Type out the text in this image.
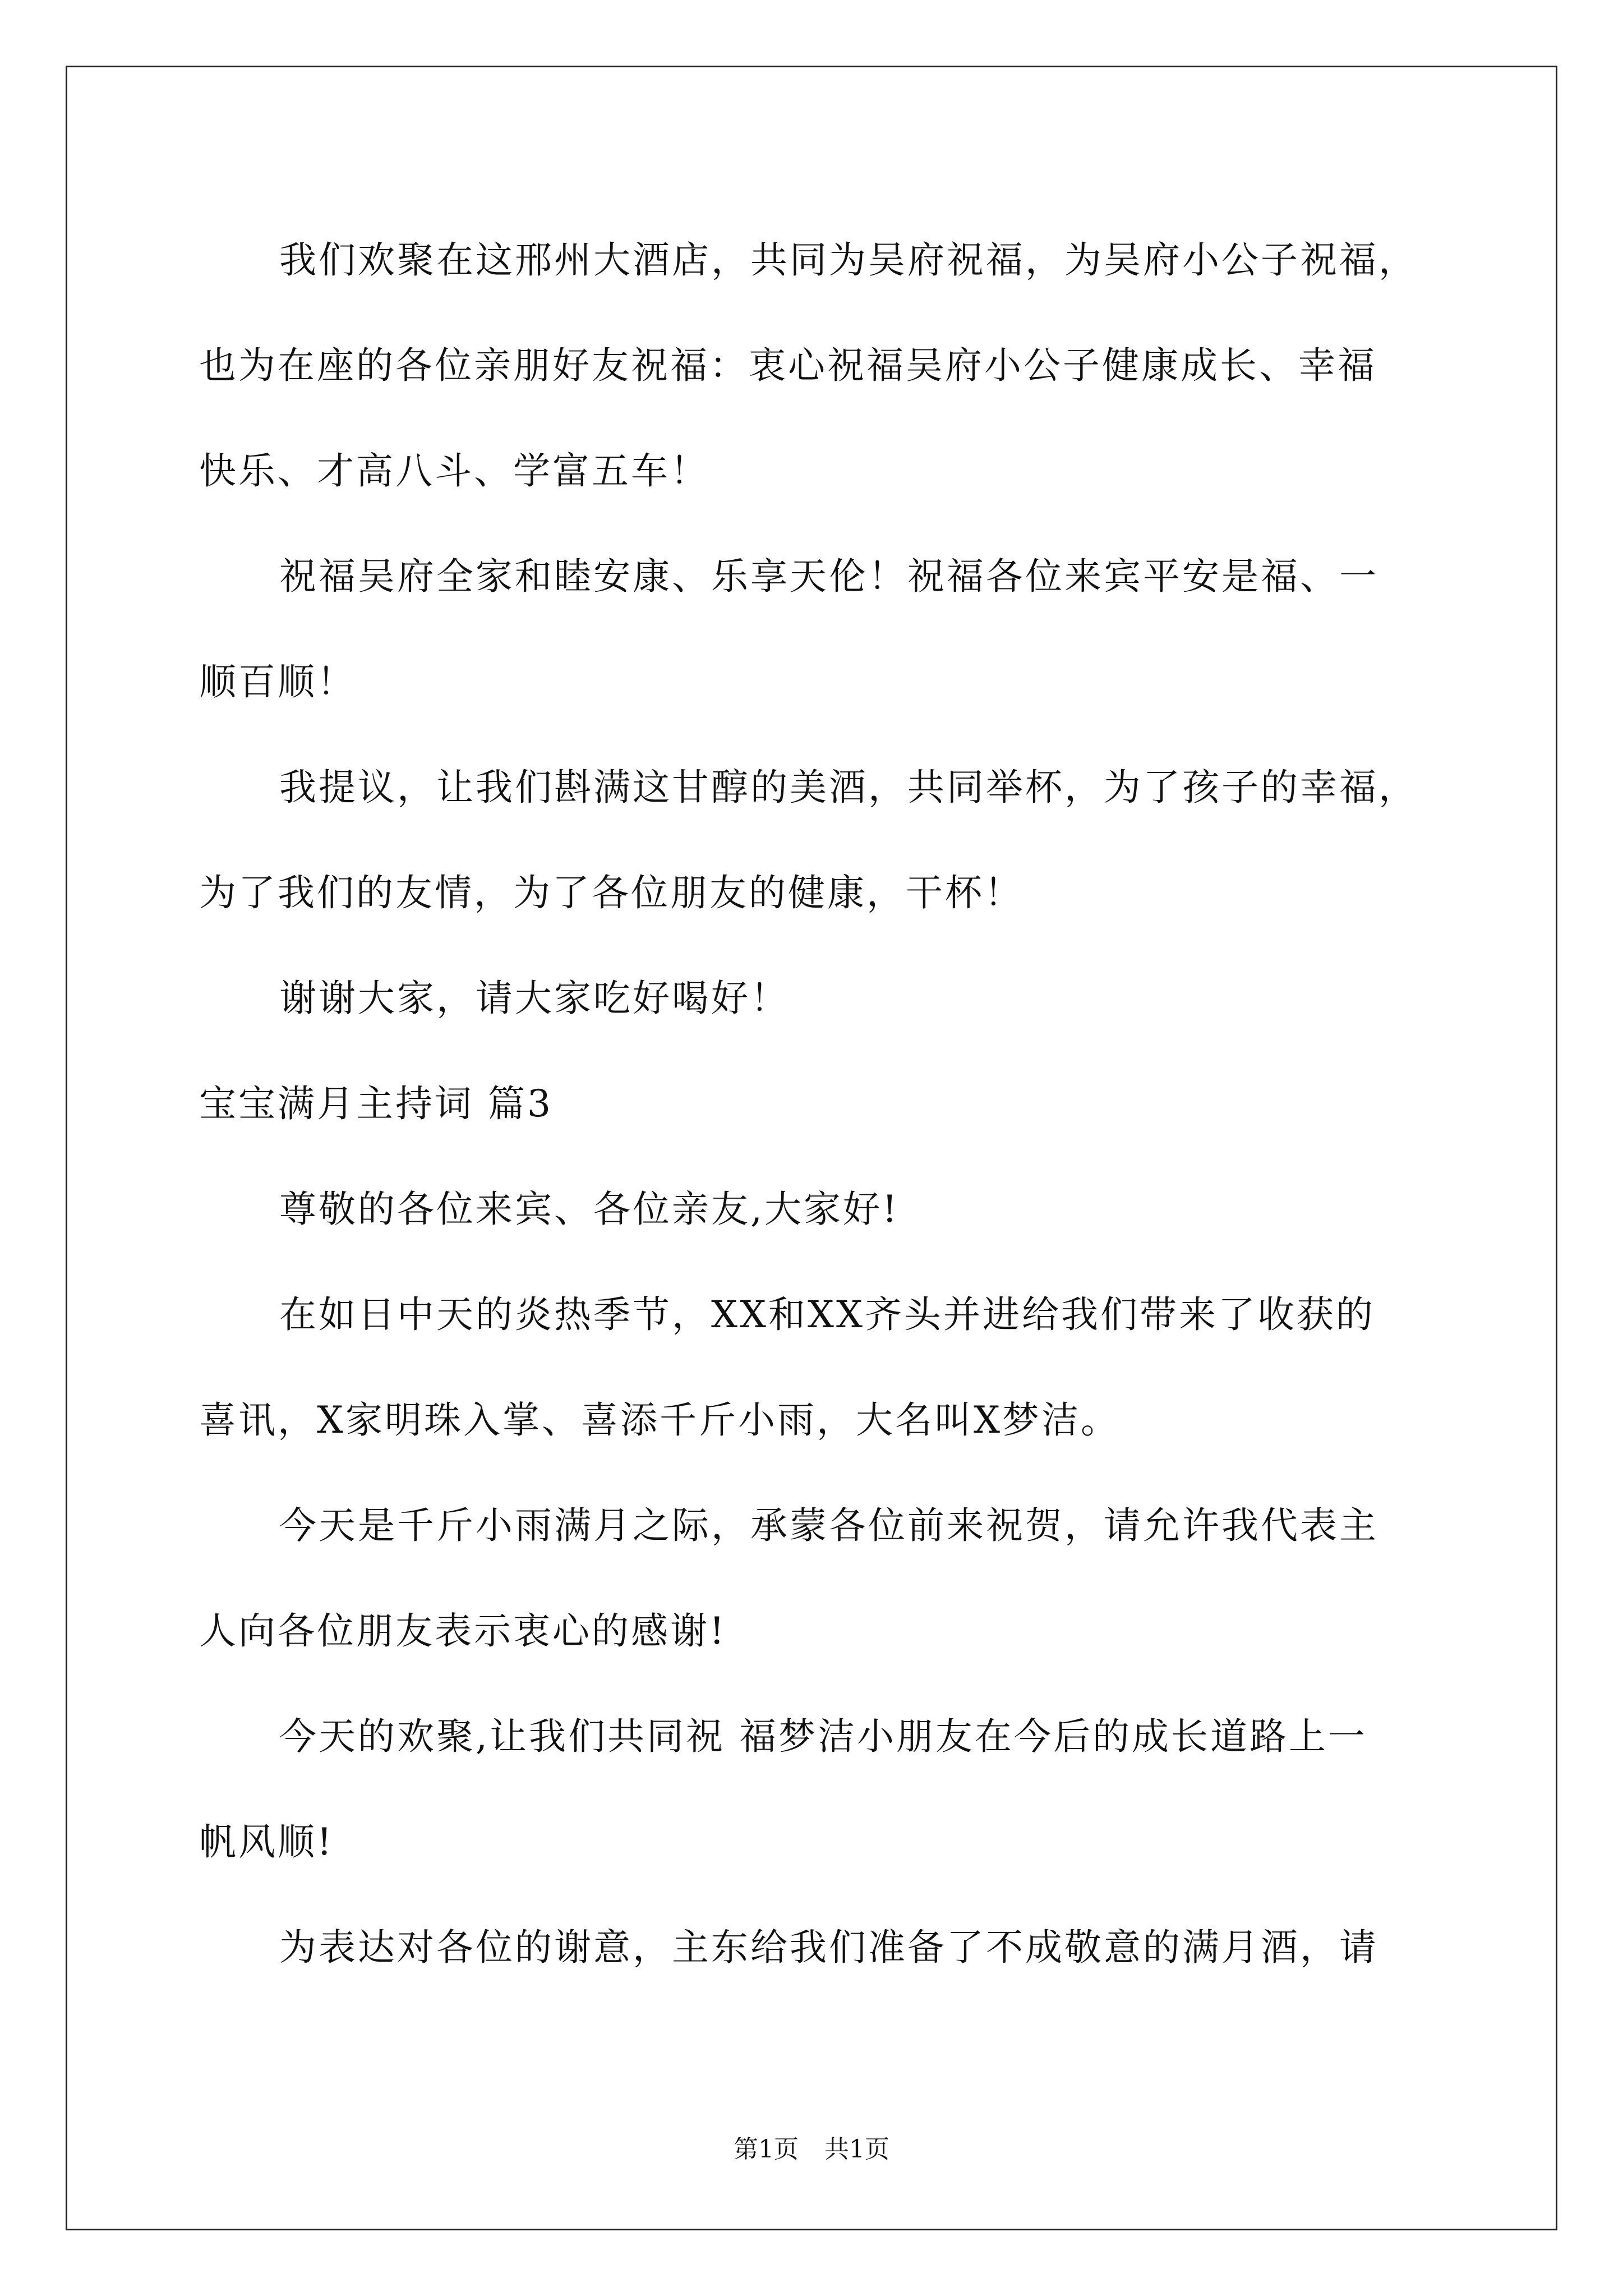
我们欢聚在这邢州大酒店，共同为吴府祝福，为吴府小公子祝福，
也为在座的各位亲朋好友祝福：衷心祝福吴府小公子健康成长、幸福
快乐、才高八斗、学富五车！
祝福吴府全家和睦安康、乐享天伦！祝福各位来宾平安是福、一
顺百顺！
我提议，让我们斟满这甘醇的美酒，共同举杯，为了孩子的幸福，
为了我们的友情，为了各位朋友的健康，干杯！
谢谢大家，请大家吃好喝好！
宝宝满月主持词 篇3
尊敬的各位来宾、各位亲友,大家好!
在如日中天的炎热季节，XX和XX齐头并进给我们带来了收获的
喜讯，X家明珠入掌、喜添千斤小雨，大名叫X梦洁。
今天是千斤小雨满月之际，承蒙各位前来祝贺，请允许我代表主
人向各位朋友表示衷心的感谢!
今天的欢聚,让我们共同祝 福梦洁小朋友在今后的成长道路上一
帆风顺!
为表达对各位的谢意，主东给我们准备了不成敬意的满月酒，请
第1页 共1页
